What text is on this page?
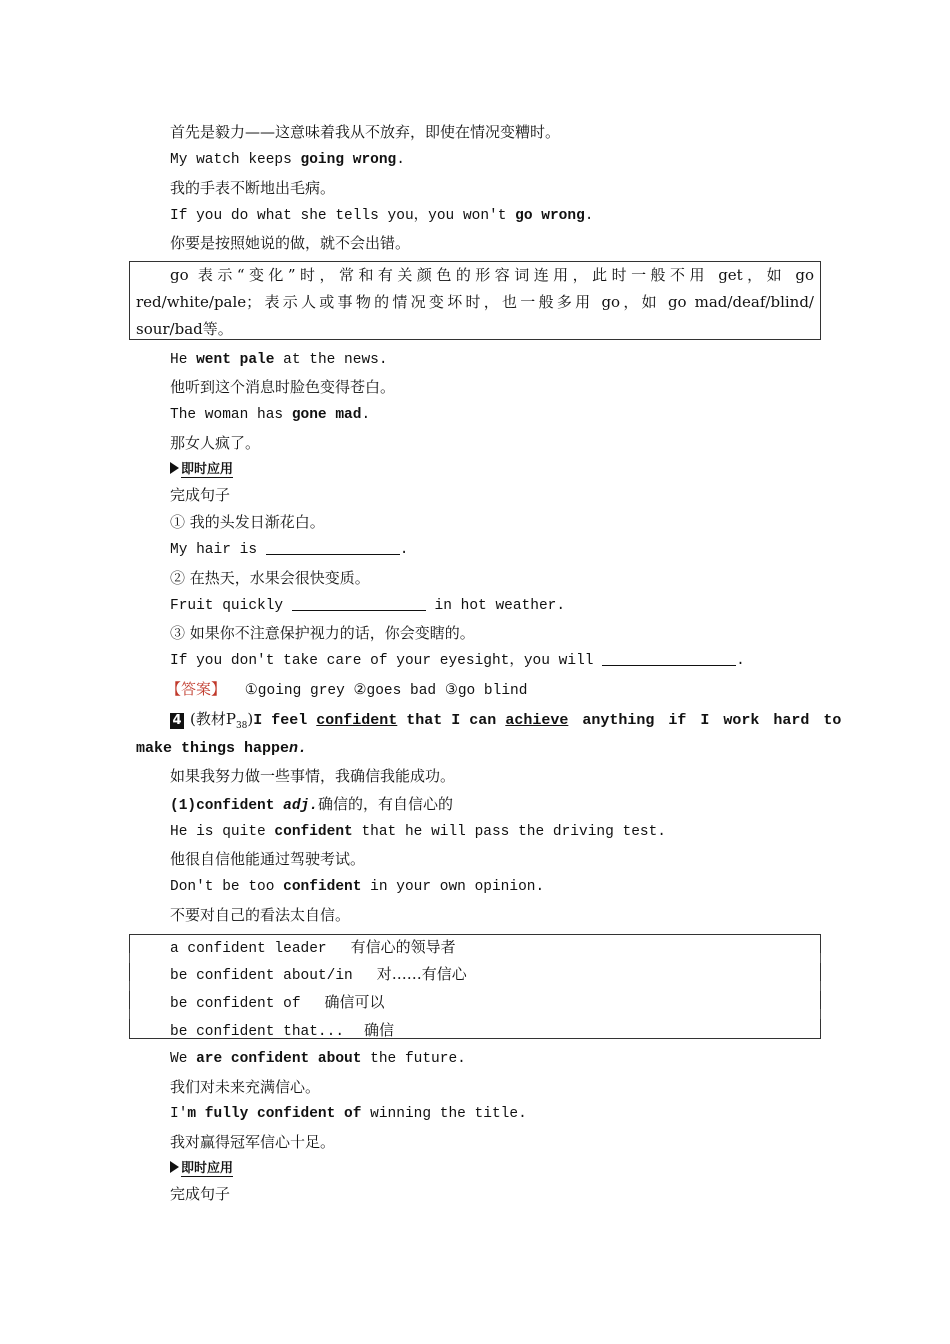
首先是毅力——这意味着我从不放弃，即使在情况变糟时。
My watch keeps going wrong.
我的手表不断地出毛病。
If you do what she tells you，you won't go wrong.
你要是按照她说的做，就不会出错。
go 表示“变化”时，常和有关颜色的形容词连用，此时一般不用 get，如 go
red/white/pale；表示人或事物的情况变坏时，也一般多用 go，如 go mad/deaf/blind/
sour/bad等。
He went pale at the news.
他听到这个消息时脸色变得苍白。
The woman has gone mad.
那女人疯了。
即时应用
完成句子
① 我的头发日渐花白。
My hair is	.
② 在热天，水果会很快变质。
Fruit quickly	in hot weather.
③ 如果你不注意保护视力的话，你会变瞎的。
If you don't take care of your eyesight，you will	.
【答案】 ①going grey ②goes bad ③go blind
4 (教材$P_{38})I$ feel confident that I can achieve anything if I work hard to
make things happen.
如果我努力做一些事情，我确信我能成功。
(1)confident adj.确信的，有自信心的
He is quite confident that he will pass the driving test.
他很自信他能通过驾驶考试。
Don't be too confident in your own opinion.
不要对自己的看法太自信。
a confident leader 有信心的领导者
be confident about/in 对……有信心
be confident of 确信可以
be confident that... 确信
We are confident about the future.
我们对未来充满信心。
I'm fully confident of winning the title.
我对赢得冠军信心十足。
即时应用
完成句子
